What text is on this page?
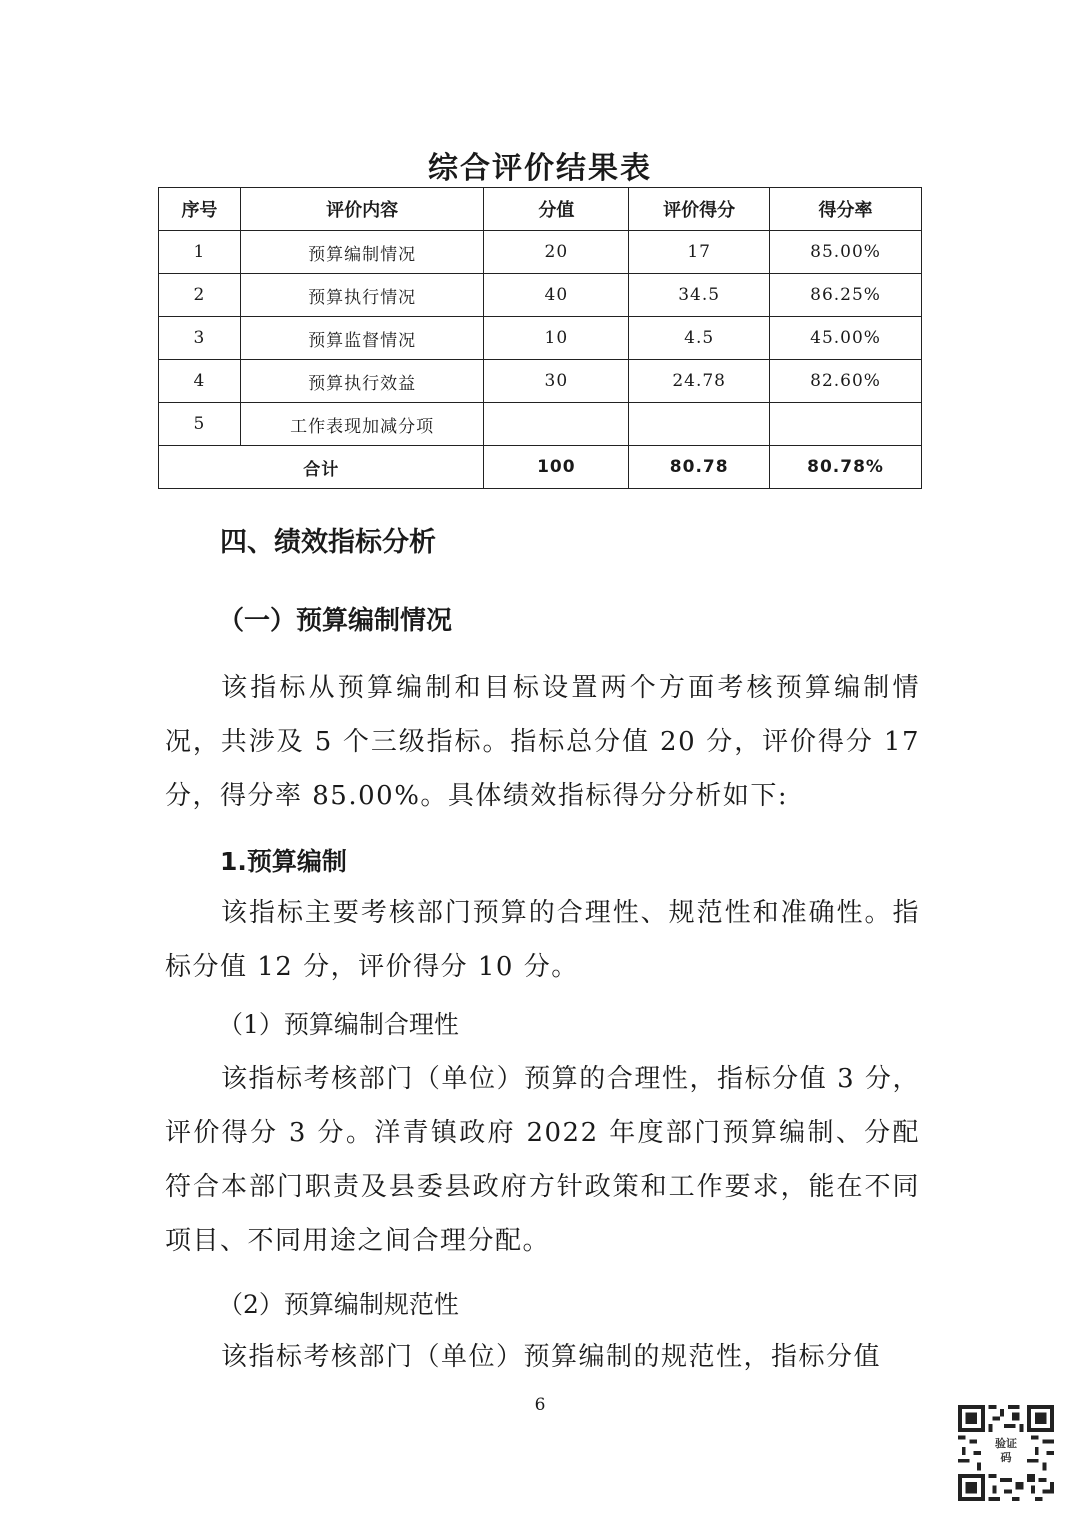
综合评价结果表
序号	评价内容	分值	评价得分	得分率
1	预算编制情况	20	17	85.00%
2	预算执行情况	40	34.5	86.25%
3	预算监督情况	10	4.5	45.00%
4	预算执行效益	30	24.78	82.60%
5	工作表现加减分项			
合计		100	80.78	80.78%
四、绩效指标分析
（一）预算编制情况

该指标从预算编制和目标设置两个方面考核预算编制情况，共涉及 5 个三级指标。指标总分值 20 分，评价得分 17 分，得分率 85.00%。具体绩效指标得分分析如下:

1.预算编制

该指标主要考核部门预算的合理性、规范性和准确性。指标分值 12 分，评价得分 10 分。

（1）预算编制合理性

该指标考核部门（单位）预算的合理性，指标分值 3 分，评价得分 3 分。洋青镇政府 2022 年度部门预算编制、分配符合本部门职责及县委县政府方针政策和工作要求，能在不同项目、不同用途之间合理分配。

（2）预算编制规范性

该指标考核部门（单位）预算编制的规范性，指标分值

6
验证
码
